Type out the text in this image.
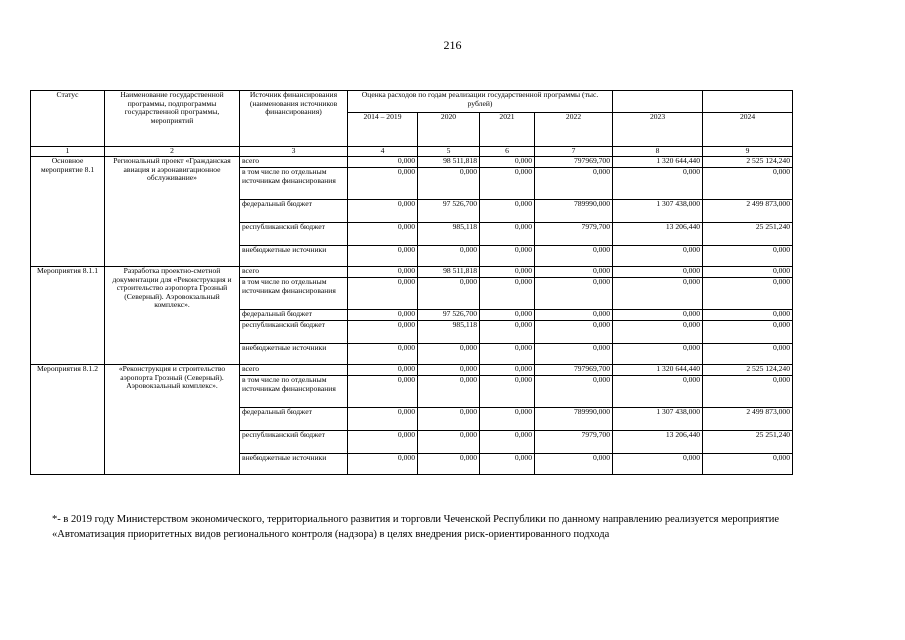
216
Статус	Наименование государственной программы, подпрограммы государственной программы, мероприятий	Источник финансирования (наименования источников финансирования)	Оценка расходов по годам реализации государственной программы (тыс. рублей)					
			2014 – 2019	2020	2021	2022	2023	2024
1	2	3	4	5	6	7	8	9
Основное мероприятие 8.1	Региональный проект «Гражданская авиация и аэронавигационное обслуживание»	всего	0,000	98 511,818	0,000	797969,700	1 320 644,440	2 525 124,240
		в том числе по отдельным источникам финансирования	0,000	0,000	0,000	0,000	0,000	0,000
		федеральный бюджет	0,000	97 526,700	0,000	789990,000	1 307 438,000	2 499 873,000
		республиканский бюджет	0,000	985,118	0,000	7979,700	13 206,440	25 251,240
		внебюджетные источники	0,000	0,000	0,000	0,000	0,000	0,000
Мероприятия 8.1.1	Разработка проектно-сметной документации для «Реконструкция и строительство аэропорта Грозный (Северный). Аэровокзальный комплекс».	всего	0,000	98 511,818	0,000	0,000	0,000	0,000
		в том числе по отдельным источникам финансирования	0,000	0,000	0,000	0,000	0,000	0,000
		федеральный бюджет	0,000	97 526,700	0,000	0,000	0,000	0,000
		республиканский бюджет	0,000	985,118	0,000	0,000	0,000	0,000
		внебюджетные источники	0,000	0,000	0,000	0,000	0,000	0,000
Мероприятия 8.1.2	«Реконструкция и строительство аэропорта Грозный (Северный). Аэровокзальный комплекс».	всего	0,000	0,000	0,000	797969,700	1 320 644,440	2 525 124,240
		в том числе по отдельным источникам финансирования	0,000	0,000	0,000	0,000	0,000	0,000
		федеральный бюджет	0,000	0,000	0,000	789990,000	1 307 438,000	2 499 873,000
		республиканский бюджет	0,000	0,000	0,000	7979,700	13 206,440	25 251,240
		внебюджетные источники	0,000	0,000	0,000	0,000	0,000	0,000
*- в 2019 году Министерством экономического, территориального развития и торговли Чеченской Республики по данному направлению реализуется мероприятие «Автоматизация приоритетных видов регионального контроля (надзора) в целях внедрения риск-ориентированного подхода
